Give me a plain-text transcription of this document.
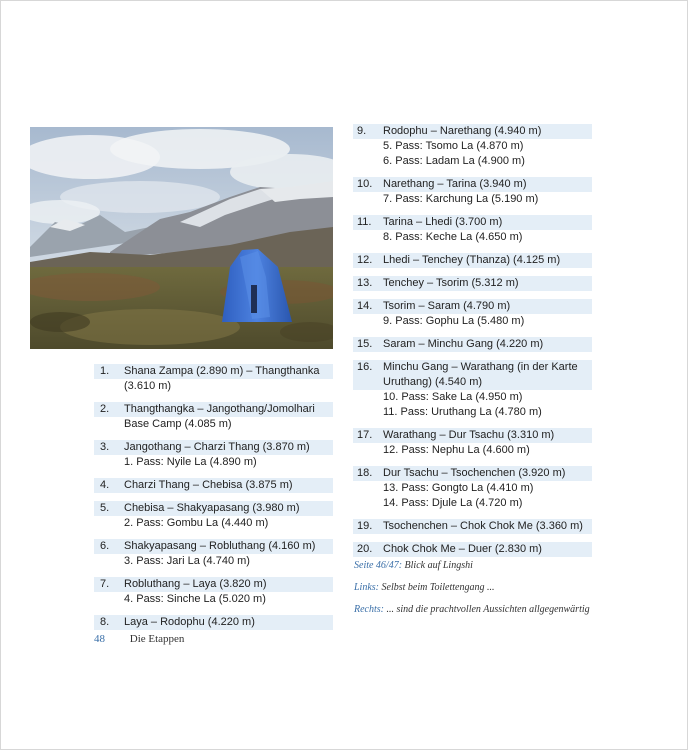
1. Shana Zampa (2.890 m) – Thangthanka
(3.610 m)
2. Thangthangka – Jangothang/Jomolhari
Base Camp (4.085 m)
3. Jangothang – Charzi Thang (3.870 m)
1. Pass: Nyile La (4.890 m)
4. Charzi Thang – Chebisa (3.875 m)
5. Chebisa – Shakyapasang (3.980 m)
2. Pass: Gombu La (4.440 m)
6. Shakyapasang – Robluthang (4.160 m)
3. Pass: Jari La (4.740 m)
7. Robluthang – Laya (3.820 m)
4. Pass: Sinche La (5.020 m)
8. Laya – Rodophu (4.220 m)
9. Rodophu – Narethang (4.940 m)
5. Pass: Tsomo La (4.870 m)
6. Pass: Ladam La (4.900 m)
10. Narethang – Tarina (3.940 m)
7. Pass: Karchung La (5.190 m)
11. Tarina – Lhedi (3.700 m)
8. Pass: Keche La (4.650 m)
12. Lhedi – Tenchey (Thanza) (4.125 m)
13. Tenchey – Tsorim (5.312 m)
14. Tsorim – Saram (4.790 m)
9. Pass: Gophu La (5.480 m)
15. Saram – Minchu Gang (4.220 m)
16. Minchu Gang – Warathang (in der Karte
Uruthang) (4.540 m)
10. Pass: Sake La (4.950 m)
11. Pass: Uruthang La (4.780 m)
17. Warathang – Dur Tsachu (3.310 m)
12. Pass: Nephu La (4.600 m)
18. Dur Tsachu – Tsochenchen (3.920 m)
13. Pass: Gongto La (4.410 m)
14. Pass: Djule La (4.720 m)
19. Tsochenchen – Chok Chok Me (3.360 m)
20. Chok Chok Me – Duer (2.830 m)
Seite 46/47: Blick auf Lingshi
Links: Selbst beim Toilettengang ...
Rechts: ... sind die prachtvollen Aussichten allgegenwärtig
48 Die Etappen
